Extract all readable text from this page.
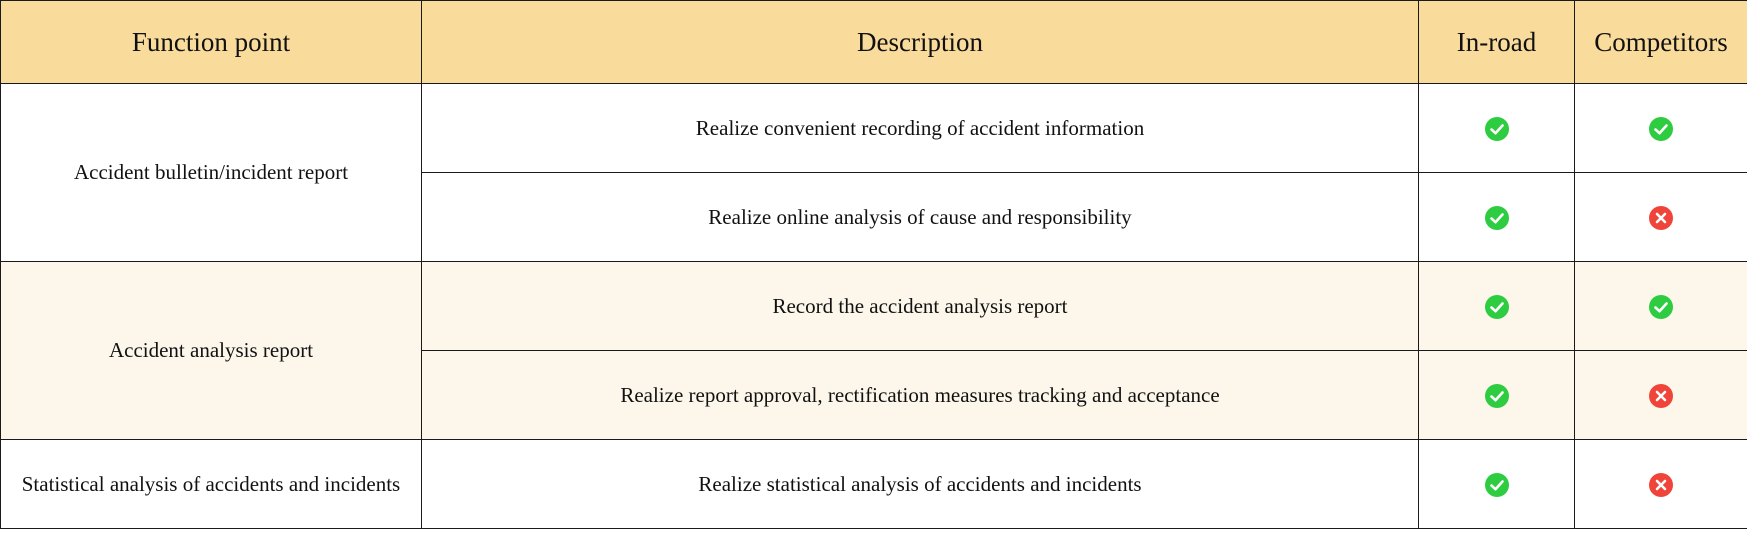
Function point	Description	In-road	Competitors
Accident bulletin/incident report	Realize convenient recording of accident information		
	Realize online analysis of cause and responsibility		
Accident analysis report	Record the accident analysis report		
	Realize report approval, rectification measures tracking and acceptance		
Statistical analysis of accidents and incidents	Realize statistical analysis of accidents and incidents		
